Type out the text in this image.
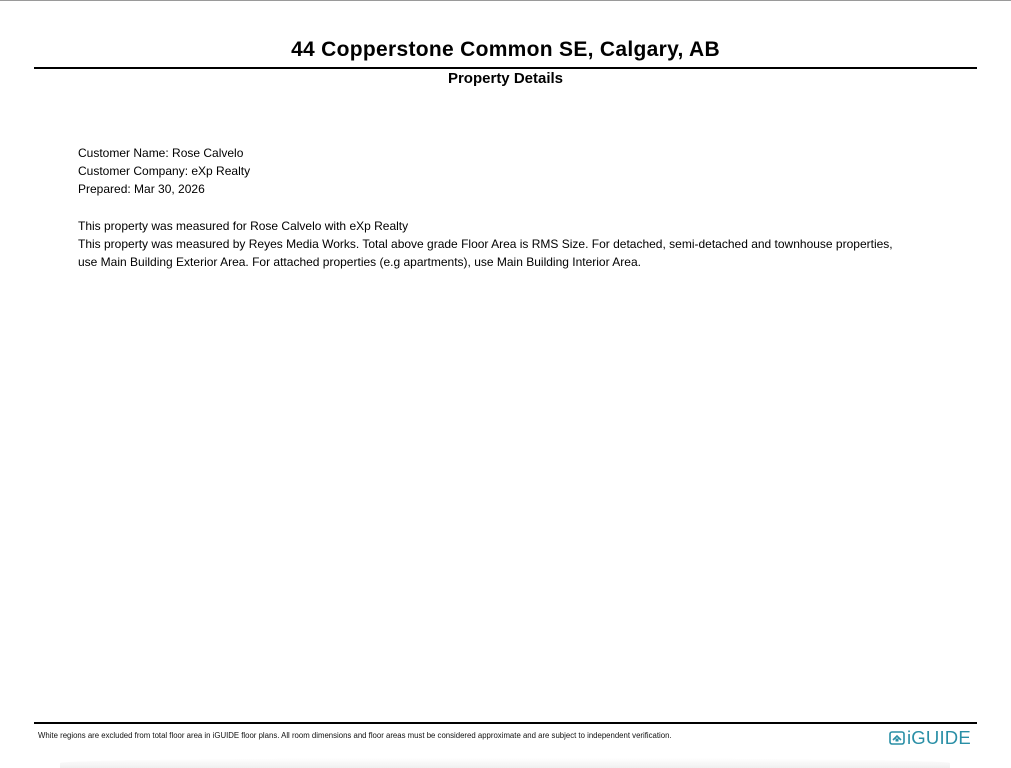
44 Copperstone Common SE, Calgary, AB
Property Details
Customer Name: Rose Calvelo
Customer Company: eXp Realty
Prepared: Mar 30, 2026
This property was measured for Rose Calvelo with eXp Realty
This property was measured by Reyes Media Works. Total above grade Floor Area is RMS Size. For detached, semi-detached and townhouse properties, use Main Building Exterior Area. For attached properties (e.g apartments), use Main Building Interior Area.
White regions are excluded from total floor area in iGUIDE floor plans. All room dimensions and floor areas must be considered approximate and are subject to independent verification.	iGUIDE
